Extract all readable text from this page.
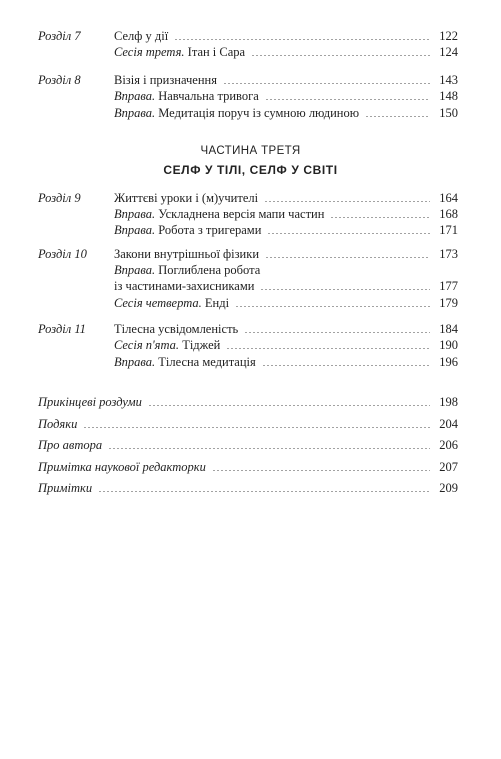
Розділ 7	Селф у дії	122
Сесія третя. Ітан і Сара	124
Розділ 8	Візія і призначення	143
Вправа. Навчальна тривога	148
Вправа. Медитація поруч із сумною людиною	150
ЧАСТИНА ТРЕТЯ
СЕЛФ У ТІЛІ, СЕЛФ У СВІТІ
Розділ 9	Життєві уроки і (м)учителі	164
Вправа. Ускладнена версія мапи частин	168
Вправа. Робота з тригерами	171
Розділ 10 Закони внутрішньої фізики	173
Вправа. Поглиблена робота
із частинами-захисниками	177
Сесія четверта. Енді	179
Розділ 11 Тілесна усвідомленість	184
Сесія п'ята. Тіджей	190
Вправа. Тілесна медитація	196
Прикінцеві роздуми	198
Подяки	204
Про автора	206
Примітка наукової редакторки	207
Примітки	209
